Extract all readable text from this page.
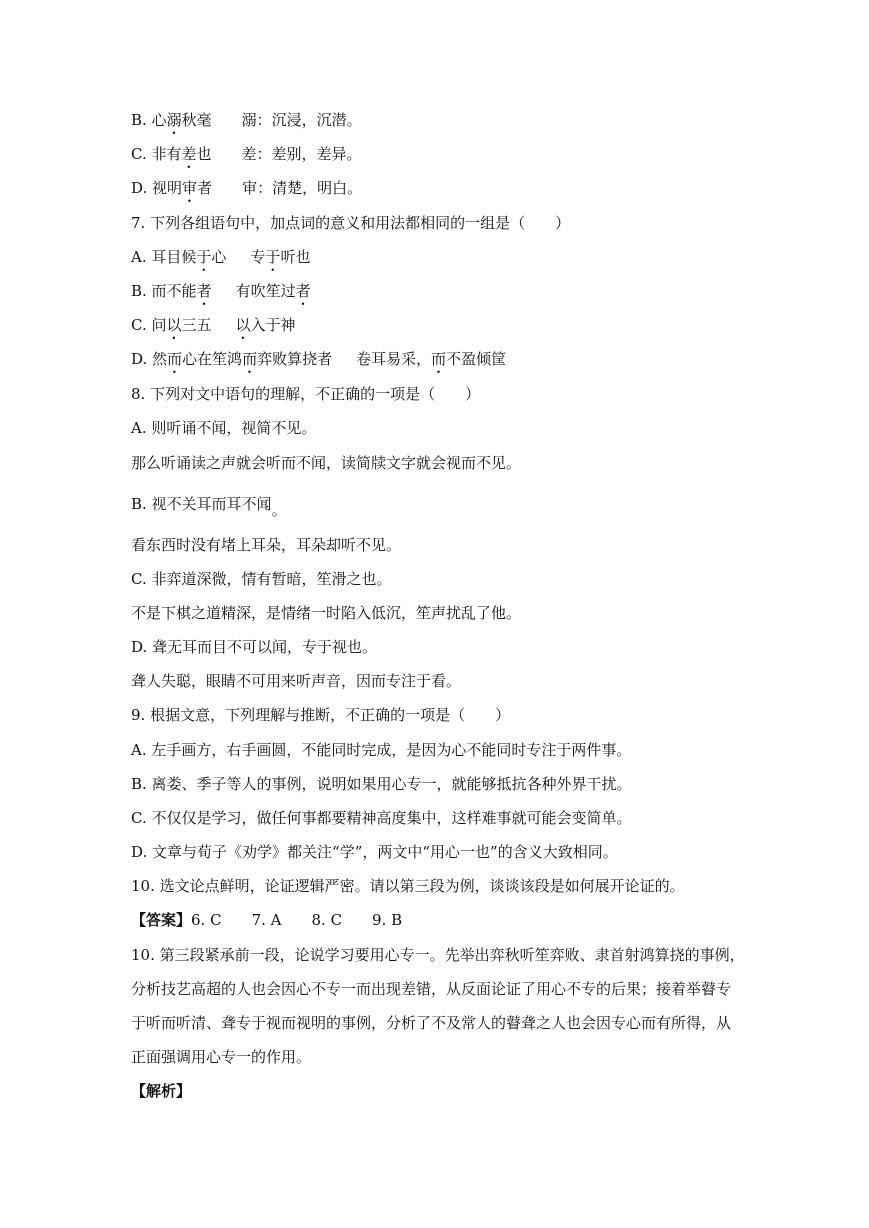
B. 心溺秋毫 溺：沉浸，沉潜。
C. 非有差也 差：差别，差异。
D. 视明审者 审：清楚，明白。
7. 下列各组语句中，加点词的意义和用法都相同的一组是（　　）
A. 耳目候于心 专于听也
B. 而不能者 有吹笙过者
C. 问以三五 以入于神
D. 然而心在笙鸿而弈败算挠者 卷耳易采，而不盈倾筐
8. 下列对文中语句的理解，不正确的一项是（　　）
A. 则听诵不闻，视简不见。
那么听诵读之声就会听而不闻，读简牍文字就会视而不见。
B. 视不关耳而耳不闻。
看东西时没有堵上耳朵，耳朵却听不见。
C. 非弈道深微，情有暂暗，笙滑之也。
不是下棋之道精深，是情绪一时陷入低沉，笙声扰乱了他。
D. 聋无耳而目不可以闻，专于视也。
聋人失聪，眼睛不可用来听声音，因而专注于看。
9. 根据文意，下列理解与推断，不正确的一项是（　　）
A. 左手画方，右手画圆，不能同时完成，是因为心不能同时专注于两件事。
B. 离娄、季子等人的事例，说明如果用心专一，就能够抵抗各种外界干扰。
C. 不仅仅是学习，做任何事都要精神高度集中，这样难事就可能会变简单。
D. 文章与荀子《劝学》都关注“学”，两文中“用心一也”的含义大致相同。
10. 选文论点鲜明，论证逻辑严密。请以第三段为例，谈谈该段是如何展开论证的。
【答案】6. C　　7. A　　8. C　　9. B
10. 第三段紧承前一段，论说学习要用心专一。先举出弈秋听笙弈败、隶首射鸿算挠的事例，
分析技艺高超的人也会因心不专一而出现差错，从反面论证了用心不专的后果；接着举瞽专
于听而听清、聋专于视而视明的事例，分析了不及常人的瞽聋之人也会因专心而有所得，从
正面强调用心专一的作用。
【解析】
